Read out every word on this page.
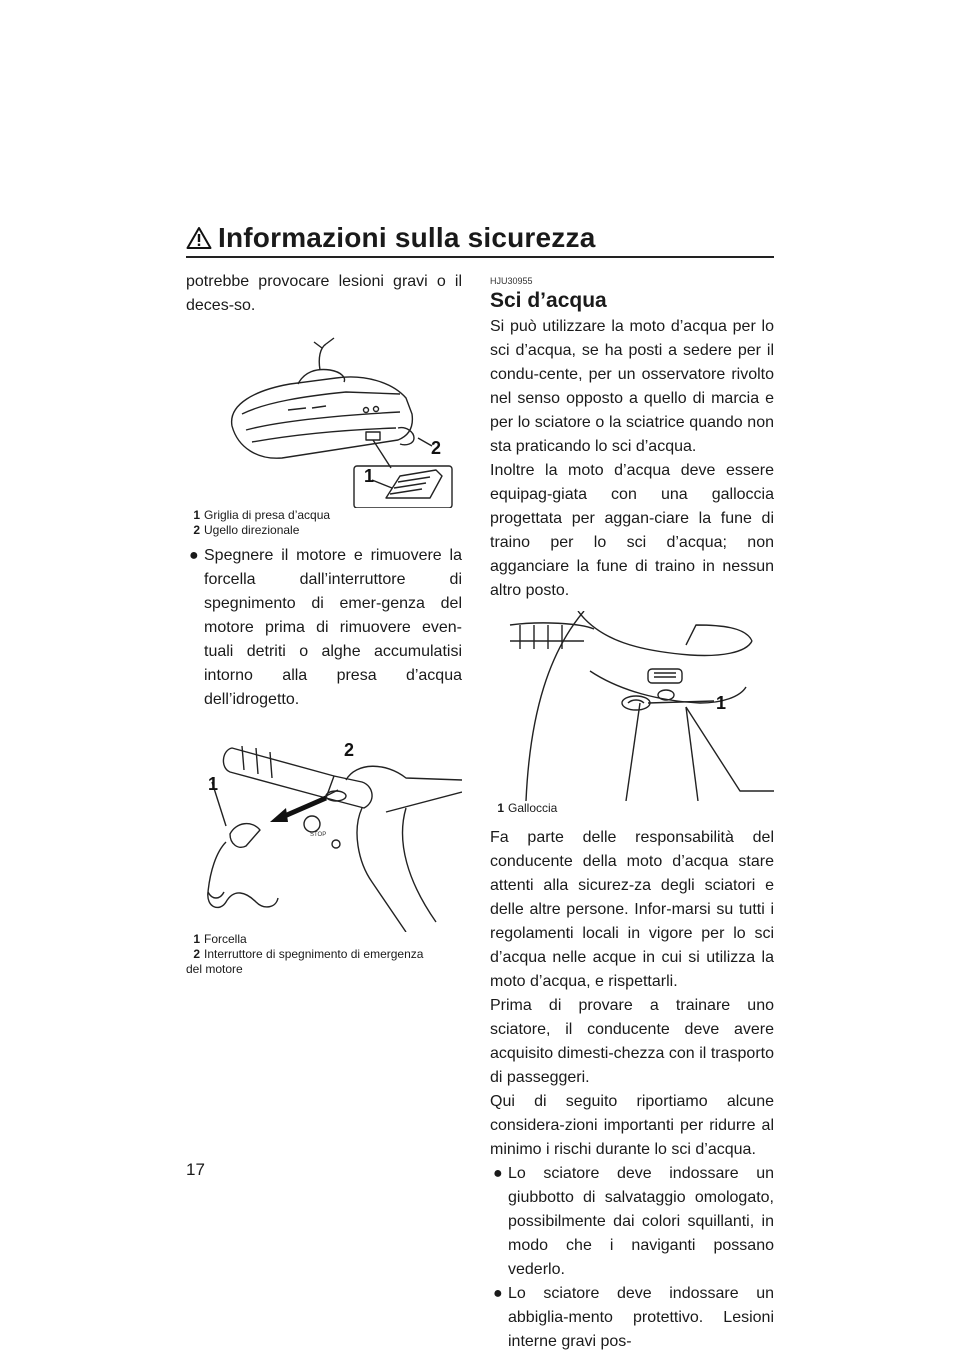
Informazioni sulla sicurezza

potrebbe provocare lesioni gravi o il deces-so.

2
1
1 Griglia di presa d’acqua
2 Ugello direzionale

● Spegnere il motore e rimuovere la forcella dall’interruttore di spegnimento di emer-genza del motore prima di rimuovere even-tuali detriti o alghe accumulatisi intorno alla presa d’acqua dell’idrogetto.

STOP
2
1
1 Forcella
2 Interruttore di spegnimento di emergenza
del motore

HJU30955

Sci d’acqua

Si può utilizzare la moto d’acqua per lo sci d’acqua, se ha posti a sedere per il condu-cente, per un osservatore rivolto nel senso opposto a quello di marcia e per lo sciatore o la sciatrice quando non sta praticando lo sci d’acqua.

Inoltre la moto d’acqua deve essere equipag-giata con una galloccia progettata per aggan-ciare la fune di traino per lo sci d’acqua; non agganciare la fune di traino in nessun altro posto.

1
1 Galloccia

Fa parte delle responsabilità del conducente della moto d’acqua stare attenti alla sicurez-za degli sciatori e delle altre persone. Infor-marsi su tutti i regolamenti locali in vigore per lo sci d’acqua nelle acque in cui si utilizza la moto d’acqua, e rispettarli.

Prima di provare a trainare uno sciatore, il conducente deve avere acquisito dimesti-chezza con il trasporto di passeggeri.

Qui di seguito riportiamo alcune considera-zioni importanti per ridurre al minimo i rischi durante lo sci d’acqua.

● Lo sciatore deve indossare un giubbotto di salvataggio omologato, possibilmente dai colori squillanti, in modo che i naviganti possano vederlo.

● Lo sciatore deve indossare un abbiglia-mento protettivo. Lesioni interne gravi pos-

17
